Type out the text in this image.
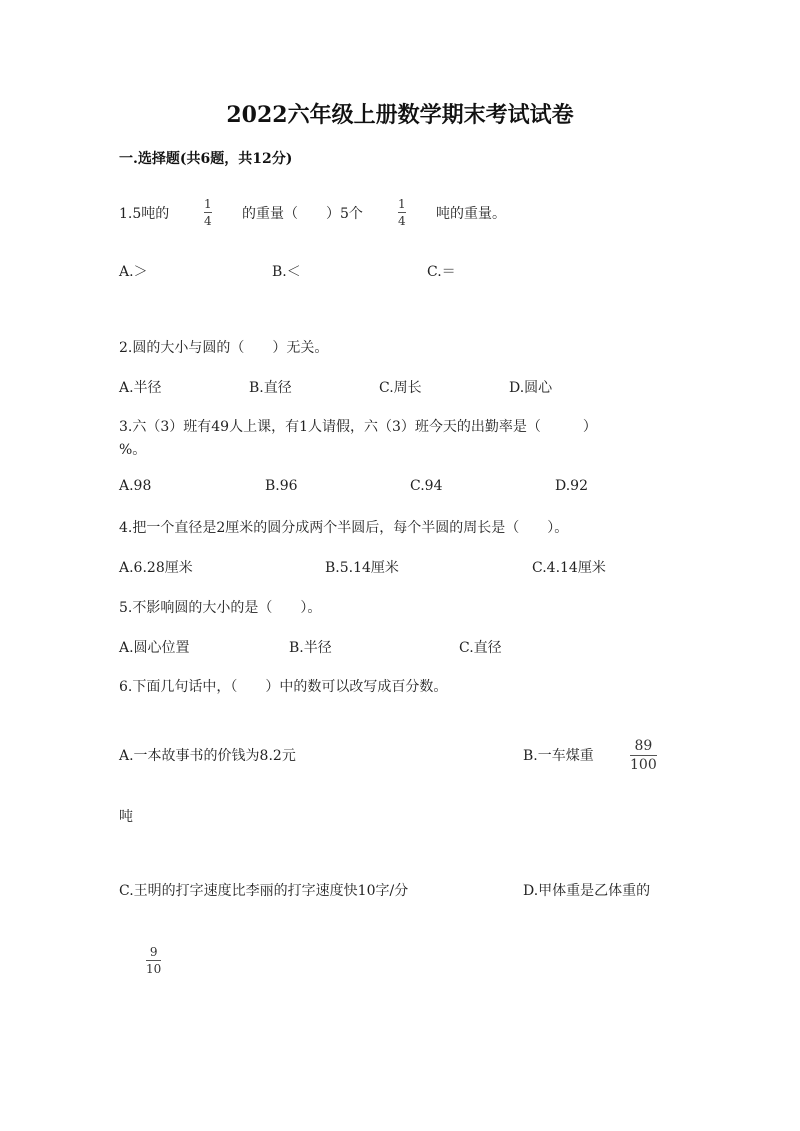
2022六年级上册数学期末考试试卷
一.选择题(共6题，共12分)
1.5吨的
1
4 的重量（　　）5个
1
4 吨的重量。
A.＞	B.＜	C.＝
2.圆的大小与圆的（　　）无关。
A.半径	B.直径	C.周长	D.圆心
3.六（3）班有49人上课，有1人请假，六（3）班今天的出勤率是（　　　）
%。
A.98	B.96	C.94	D.92
4.把一个直径是2厘米的圆分成两个半圆后，每个半圆的周长是（　　）。
A.6.28厘米	B.5.14厘米	C.4.14厘米
5.不影响圆的大小的是（　　）。
A.圆心位置	B.半径	C.直径
6.下面几句话中，（　　）中的数可以改写成百分数。
A.一本故事书的价钱为8.2元	B.一车煤重
89
100
吨
C.王明的打字速度比李丽的打字速度快10字/分	D.甲体重是乙体重的
9
10
